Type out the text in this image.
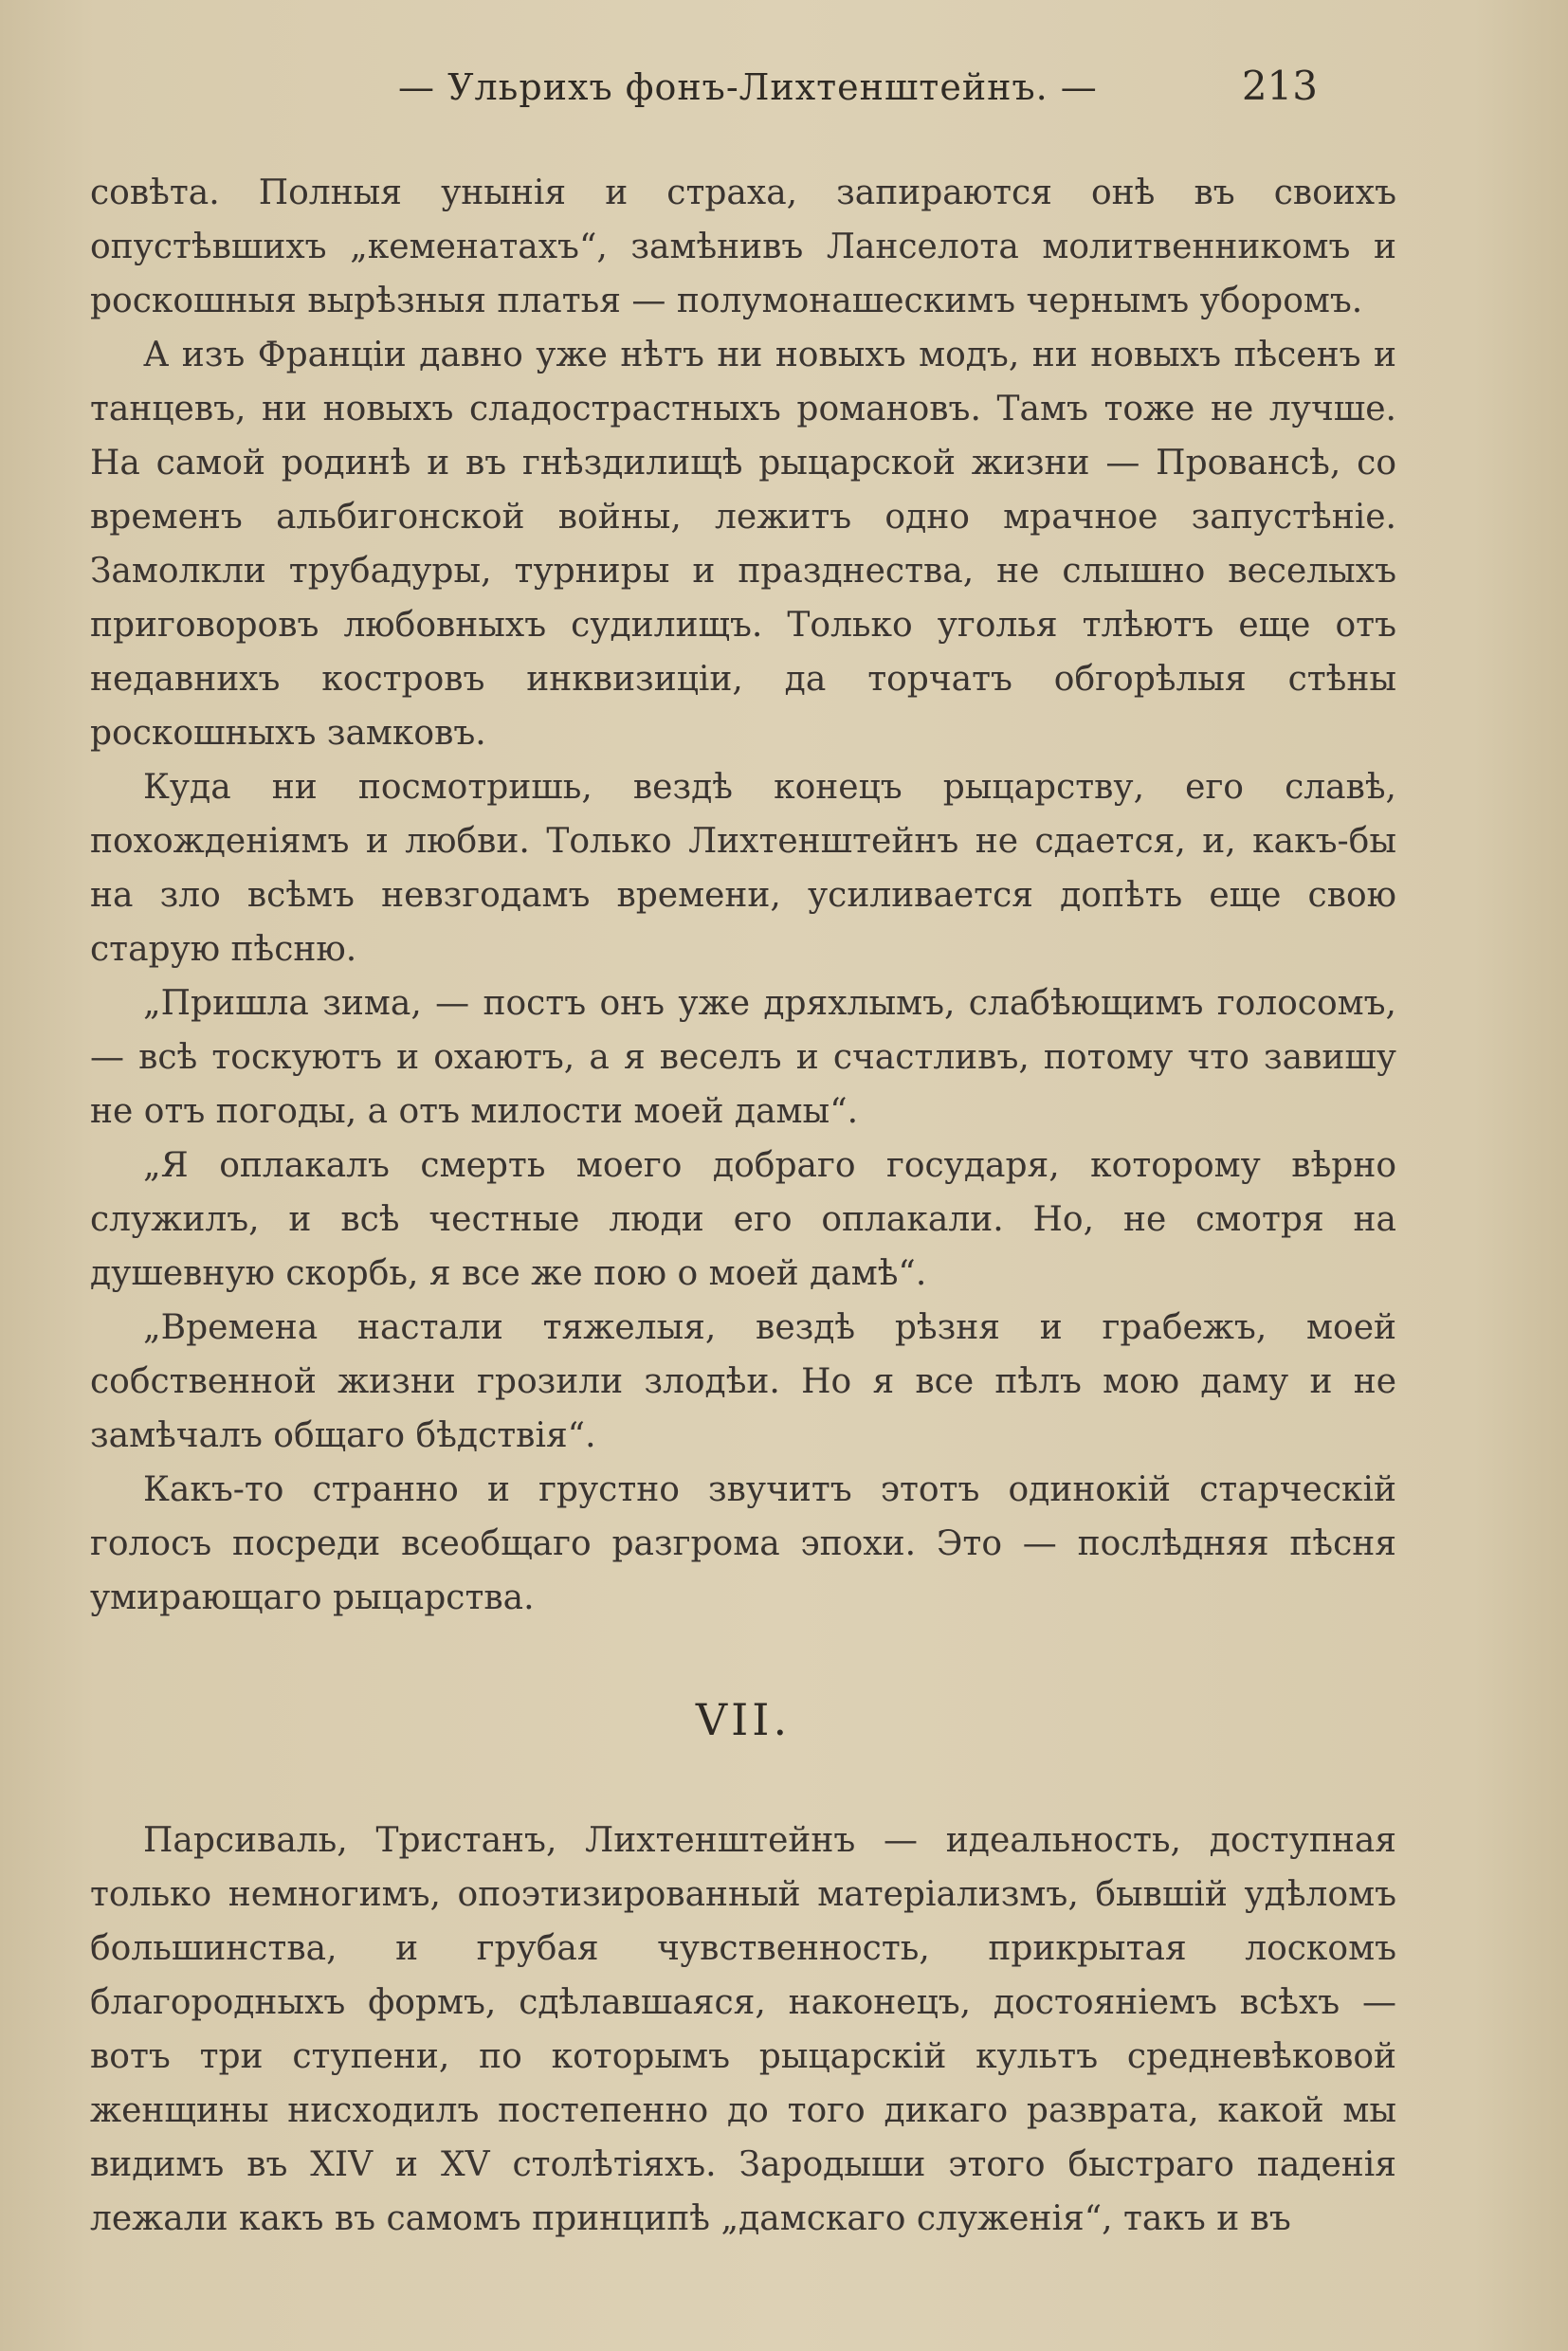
— Ульрихъ фонъ-Лихтенштейнъ. —	213

совѣта. Полныя унынія и страха, запираются онѣ въ своихъ опустѣвшихъ „кеменатахъ“, замѣнивъ Ланселота молитвенникомъ и роскошныя вырѣзныя платья — полумонашескимъ чернымъ уборомъ.

А изъ Франціи давно уже нѣтъ ни новыхъ модъ, ни новыхъ пѣсенъ и танцевъ, ни новыхъ сладострастныхъ романовъ. Тамъ тоже не лучше. На самой родинѣ и въ гнѣздилищѣ рыцарской жизни — Провансѣ, со временъ альбигонской войны, лежитъ одно мрачное запустѣніе. Замолкли трубадуры, турниры и празднества, не слышно веселыхъ приговоровъ любовныхъ судилищъ. Только уголья тлѣютъ еще отъ недавнихъ костровъ инквизиціи, да торчатъ обгорѣлыя стѣны роскошныхъ замковъ.

Куда ни посмотришь, вездѣ конецъ рыцарству, его славѣ, похожденіямъ и любви. Только Лихтенштейнъ не сдается, и, какъ-бы на зло всѣмъ невзгодамъ времени, усиливается допѣть еще свою старую пѣсню.

„Пришла зима, — постъ онъ уже дряхлымъ, слабѣющимъ голосомъ, — всѣ тоскуютъ и охаютъ, а я веселъ и счастливъ, потому что завишу не отъ погоды, а отъ милости моей дамы“.

„Я оплакалъ смерть моего добраго государя, которому вѣрно служилъ, и всѣ честные люди его оплакали. Но, не смотря на душевную скорбь, я все же пою о моей дамѣ“.

„Времена настали тяжелыя, вездѣ рѣзня и грабежъ, моей собственной жизни грозили злодѣи. Но я все пѣлъ мою даму и не замѣчалъ общаго бѣдствія“.

Какъ-то странно и грустно звучитъ этотъ одинокій старческій голосъ посреди всеобщаго разгрома эпохи. Это — послѣдняя пѣсня умирающаго рыцарства.

VII.

Парсиваль, Тристанъ, Лихтенштейнъ — идеальность, доступная только немногимъ, опоэтизированный матеріализмъ, бывшій удѣломъ большинства, и грубая чувственность, прикрытая лоскомъ благородныхъ формъ, сдѣлавшаяся, наконецъ, достояніемъ всѣхъ — вотъ три ступени, по которымъ рыцарскій культъ средневѣковой женщины нисходилъ постепенно до того дикаго разврата, какой мы видимъ въ XIV и XV столѣтіяхъ. Зародыши этого быстраго паденія лежали какъ въ самомъ принципѣ „дамскаго служенія“, такъ и въ
